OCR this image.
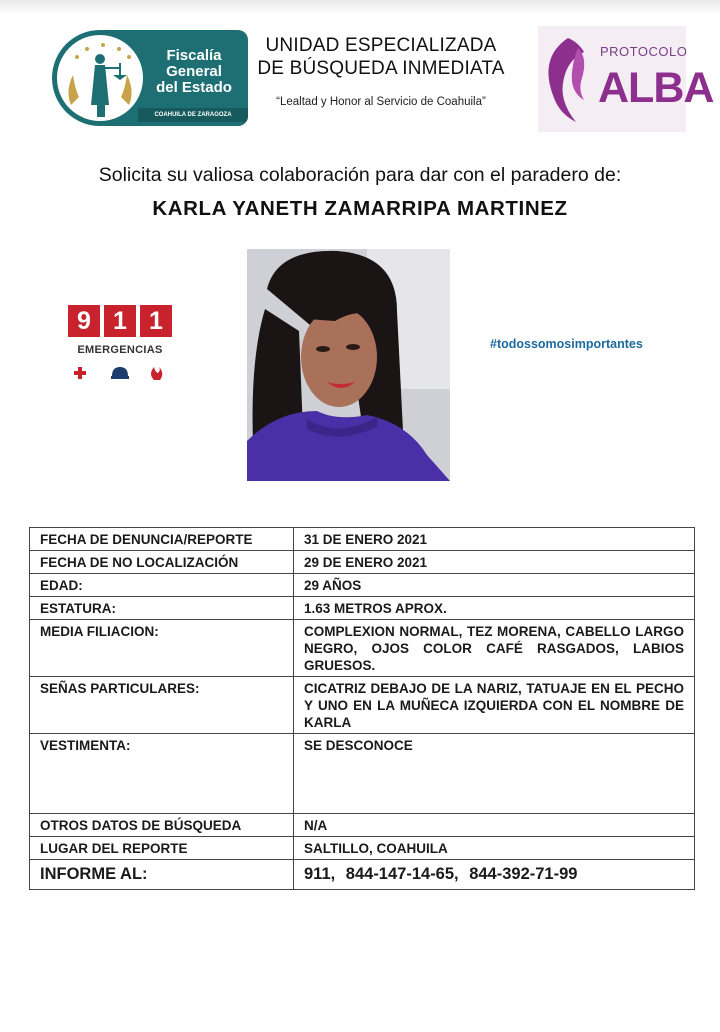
Fiscalía
General
del Estado
COAHUILA DE ZARAGOZA
UNIDAD ESPECIALIZADA
DE BÚSQUEDA INMEDIATA
“Lealtad y Honor al Servicio de Coahuila”
PROTOCOLO
ALBA
Solicita su valiosa colaboración para dar con el paradero de:
KARLA YANETH ZAMARRIPA MARTINEZ
9 1 1
EMERGENCIAS	#todossomosimportantes
FECHA DE DENUNCIA/REPORTE	31 DE ENERO 2021
FECHA DE NO LOCALIZACIÓN	29 DE ENERO 2021
EDAD:	29 AÑOS
ESTATURA:	1.63 METROS APROX.
MEDIA FILIACION:	COMPLEXION NORMAL, TEZ MORENA, CABELLO LARGO NEGRO, OJOS COLOR CAFÉ RASGADOS, LABIOS GRUESOS.
SEÑAS PARTICULARES:	CICATRIZ DEBAJO DE LA NARIZ, TATUAJE EN EL PECHO Y UNO EN LA MUÑECA IZQUIERDA CON EL NOMBRE DE KARLA
VESTIMENTA:	SE DESCONOCE
OTROS DATOS DE BÚSQUEDA	N/A
LUGAR DEL REPORTE	SALTILLO, COAHUILA
INFORME AL:	911, 844-147-14-65, 844-392-71-99
